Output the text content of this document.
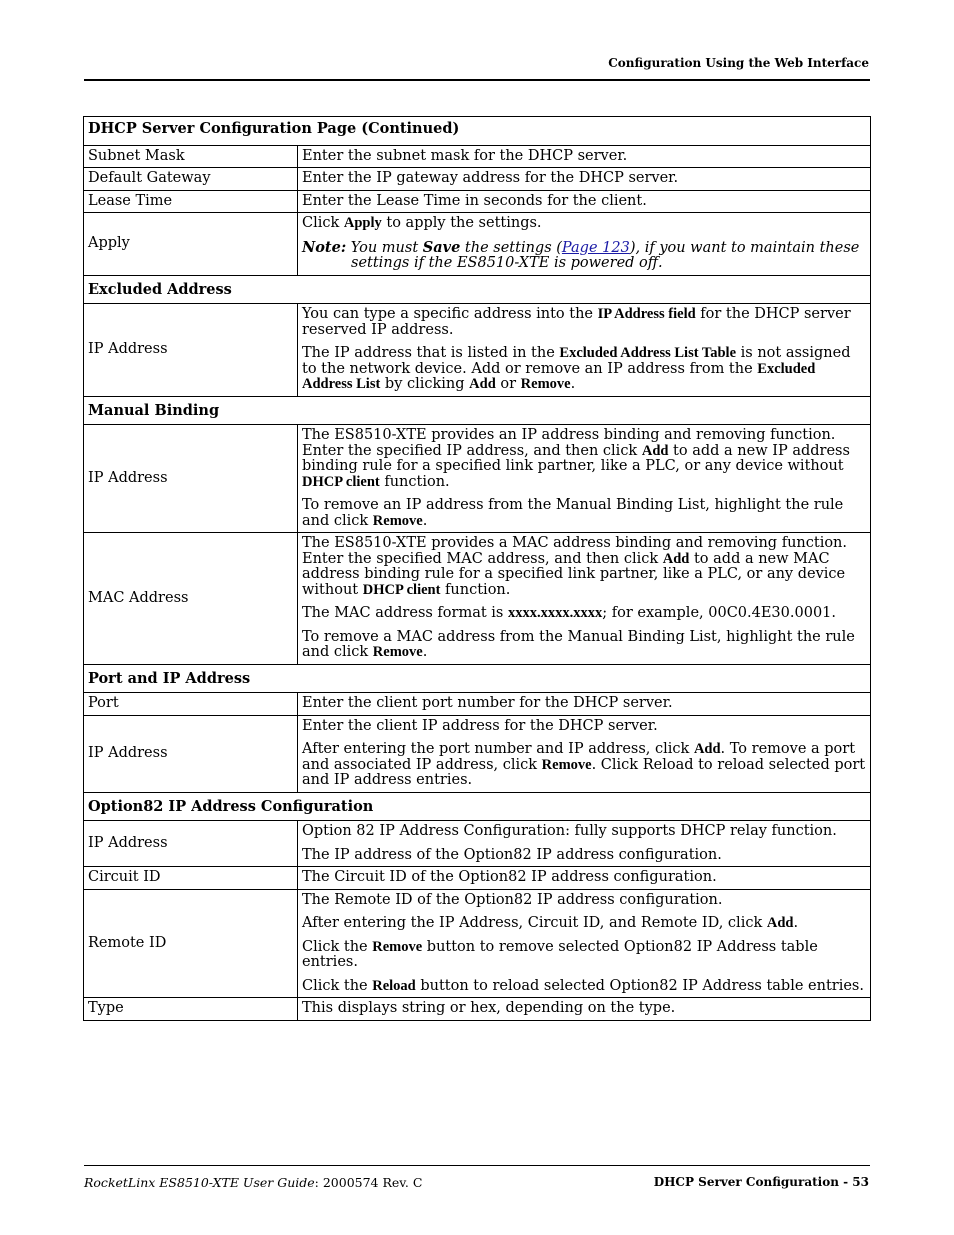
Configuration Using the Web Interface
DHCP Server Configuration Page (Continued)	
Subnet Mask	Enter the subnet mask for the DHCP server.
Default Gateway	Enter the IP gateway address for the DHCP server.
Lease Time	Enter the Lease Time in seconds for the client.
Apply	Click Apply to apply the settings.

Note: You must Save the settings (Page 123), if you want to maintain these settings if the ES8510-XTE is powered off.

Excluded Address	
IP Address	You can type a specific address into the IP Address field for the DHCP server reserved IP address.

The IP address that is listed in the Excluded Address List Table is not assigned to the network device. Add or remove an IP address from the Excluded Address List by clicking Add or Remove.

Manual Binding	
IP Address	The ES8510-XTE provides an IP address binding and removing function. Enter the specified IP address, and then click Add to add a new IP address binding rule for a specified link partner, like a PLC, or any device without DHCP client function.

To remove an IP address from the Manual Binding List, highlight the rule and click Remove.

MAC Address	The ES8510-XTE provides a MAC address binding and removing function. Enter the specified MAC address, and then click Add to add a new MAC address binding rule for a specified link partner, like a PLC, or any device without DHCP client function.

The MAC address format is xxxx.xxxx.xxxx; for example, 00C0.4E30.0001.

To remove a MAC address from the Manual Binding List, highlight the rule and click Remove.

Port and IP Address	
Port	Enter the client port number for the DHCP server.
IP Address	Enter the client IP address for the DHCP server.

After entering the port number and IP address, click Add. To remove a port and associated IP address, click Remove. Click Reload to reload selected port and IP address entries.

Option82 IP Address Configuration	
IP Address	Option 82 IP Address Configuration: fully supports DHCP relay function.

The IP address of the Option82 IP address configuration.

Circuit ID	The Circuit ID of the Option82 IP address configuration.
Remote ID	The Remote ID of the Option82 IP address configuration.

After entering the IP Address, Circuit ID, and Remote ID, click Add.

Click the Remove button to remove selected Option82 IP Address table entries.

Click the Reload button to reload selected Option82 IP Address table entries.

Type	This displays string or hex, depending on the type.
RocketLinx ES8510-XTE User Guide: 2000574 Rev. C	DHCP Server Configuration - 53
